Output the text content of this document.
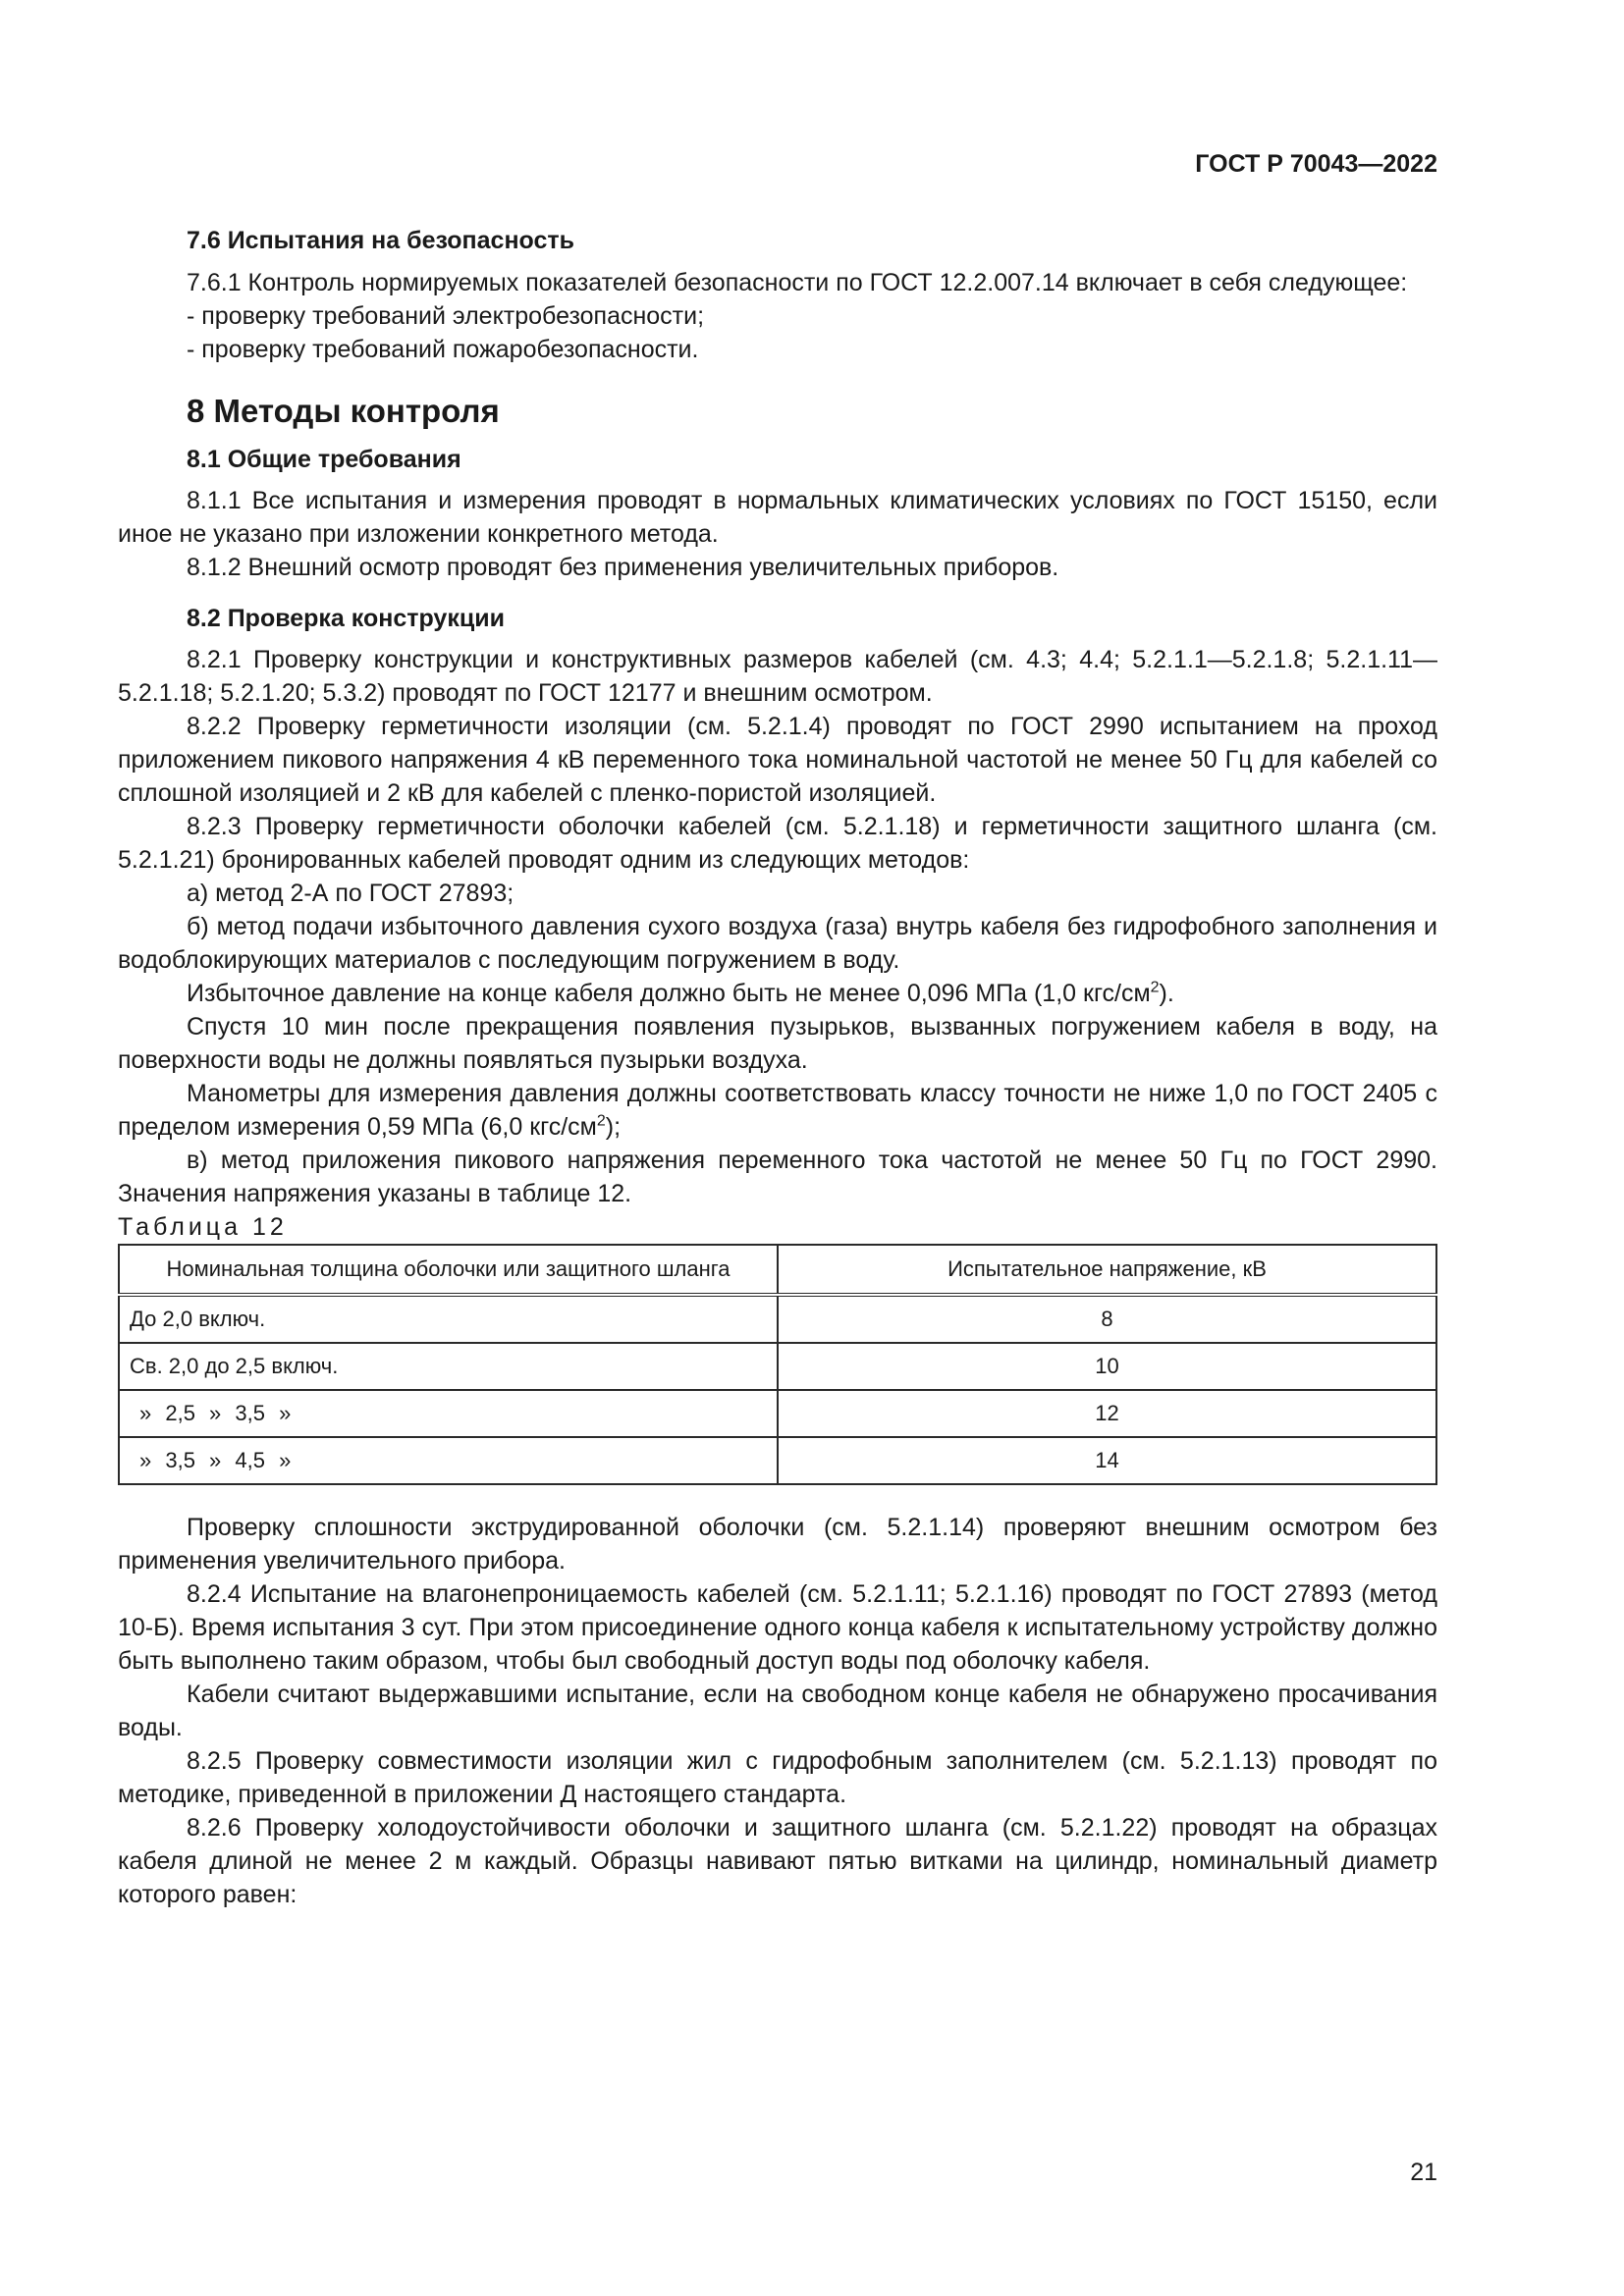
ГОСТ Р 70043—2022

7.6 Испытания на безопасность

7.6.1 Контроль нормируемых показателей безопасности по ГОСТ 12.2.007.14 включает в себя следующее:

- проверку требований электробезопасности;

- проверку требований пожаробезопасности.

8 Методы контроля

8.1 Общие требования

8.1.1 Все испытания и измерения проводят в нормальных климатических условиях по ГОСТ 15150, если иное не указано при изложении конкретного метода.

8.1.2 Внешний осмотр проводят без применения увеличительных приборов.

8.2 Проверка конструкции

8.2.1 Проверку конструкции и конструктивных размеров кабелей (см. 4.3; 4.4; 5.2.1.1—5.2.1.8; 5.2.1.11—5.2.1.18; 5.2.1.20; 5.3.2) проводят по ГОСТ 12177 и внешним осмотром.

8.2.2 Проверку герметичности изоляции (см. 5.2.1.4) проводят по ГОСТ 2990 испытанием на проход приложением пикового напряжения 4 кВ переменного тока номинальной частотой не менее 50 Гц для кабелей со сплошной изоляцией и 2 кВ для кабелей с пленко-пористой изоляцией.

8.2.3 Проверку герметичности оболочки кабелей (см. 5.2.1.18) и герметичности защитного шланга (см. 5.2.1.21) бронированных кабелей проводят одним из следующих методов:

а) метод 2-А по ГОСТ 27893;

б) метод подачи избыточного давления сухого воздуха (газа) внутрь кабеля без гидрофобного заполнения и водоблокирующих материалов с последующим погружением в воду.

Избыточное давление на конце кабеля должно быть не менее 0,096 МПа (1,0 кгс/$см^2$).

Спустя 10 мин после прекращения появления пузырьков, вызванных погружением кабеля в воду, на поверхности воды не должны появляться пузырьки воздуха.

Манометры для измерения давления должны соответствовать классу точности не ниже 1,0 по ГОСТ 2405 с пределом измерения 0,59 МПа (6,0 кгс/$см^2$);

в) метод приложения пикового напряжения переменного тока частотой не менее 50 Гц по ГОСТ 2990. Значения напряжения указаны в таблице 12.

Таблица 12

Номинальная толщина оболочки или защитного шланга	Испытательное напряжение, кВ
До 2,0 включ.	8
Св. 2,0 до 2,5 включ.	10
» 2,5 » 3,5 »	12
» 3,5 » 4,5 »	14

Проверку сплошности экструдированной оболочки (см. 5.2.1.14) проверяют внешним осмотром без применения увеличительного прибора.

8.2.4 Испытание на влагонепроницаемость кабелей (см. 5.2.1.11; 5.2.1.16) проводят по ГОСТ 27893 (метод 10-Б). Время испытания 3 сут. При этом присоединение одного конца кабеля к испытательному устройству должно быть выполнено таким образом, чтобы был свободный доступ воды под оболочку кабеля.

Кабели считают выдержавшими испытание, если на свободном конце кабеля не обнаружено просачивания воды.

8.2.5 Проверку совместимости изоляции жил с гидрофобным заполнителем (см. 5.2.1.13) проводят по методике, приведенной в приложении Д настоящего стандарта.

8.2.6 Проверку холодоустойчивости оболочки и защитного шланга (см. 5.2.1.22) проводят на образцах кабеля длиной не менее 2 м каждый. Образцы навивают пятью витками на цилиндр, номинальный диаметр которого равен:

21
